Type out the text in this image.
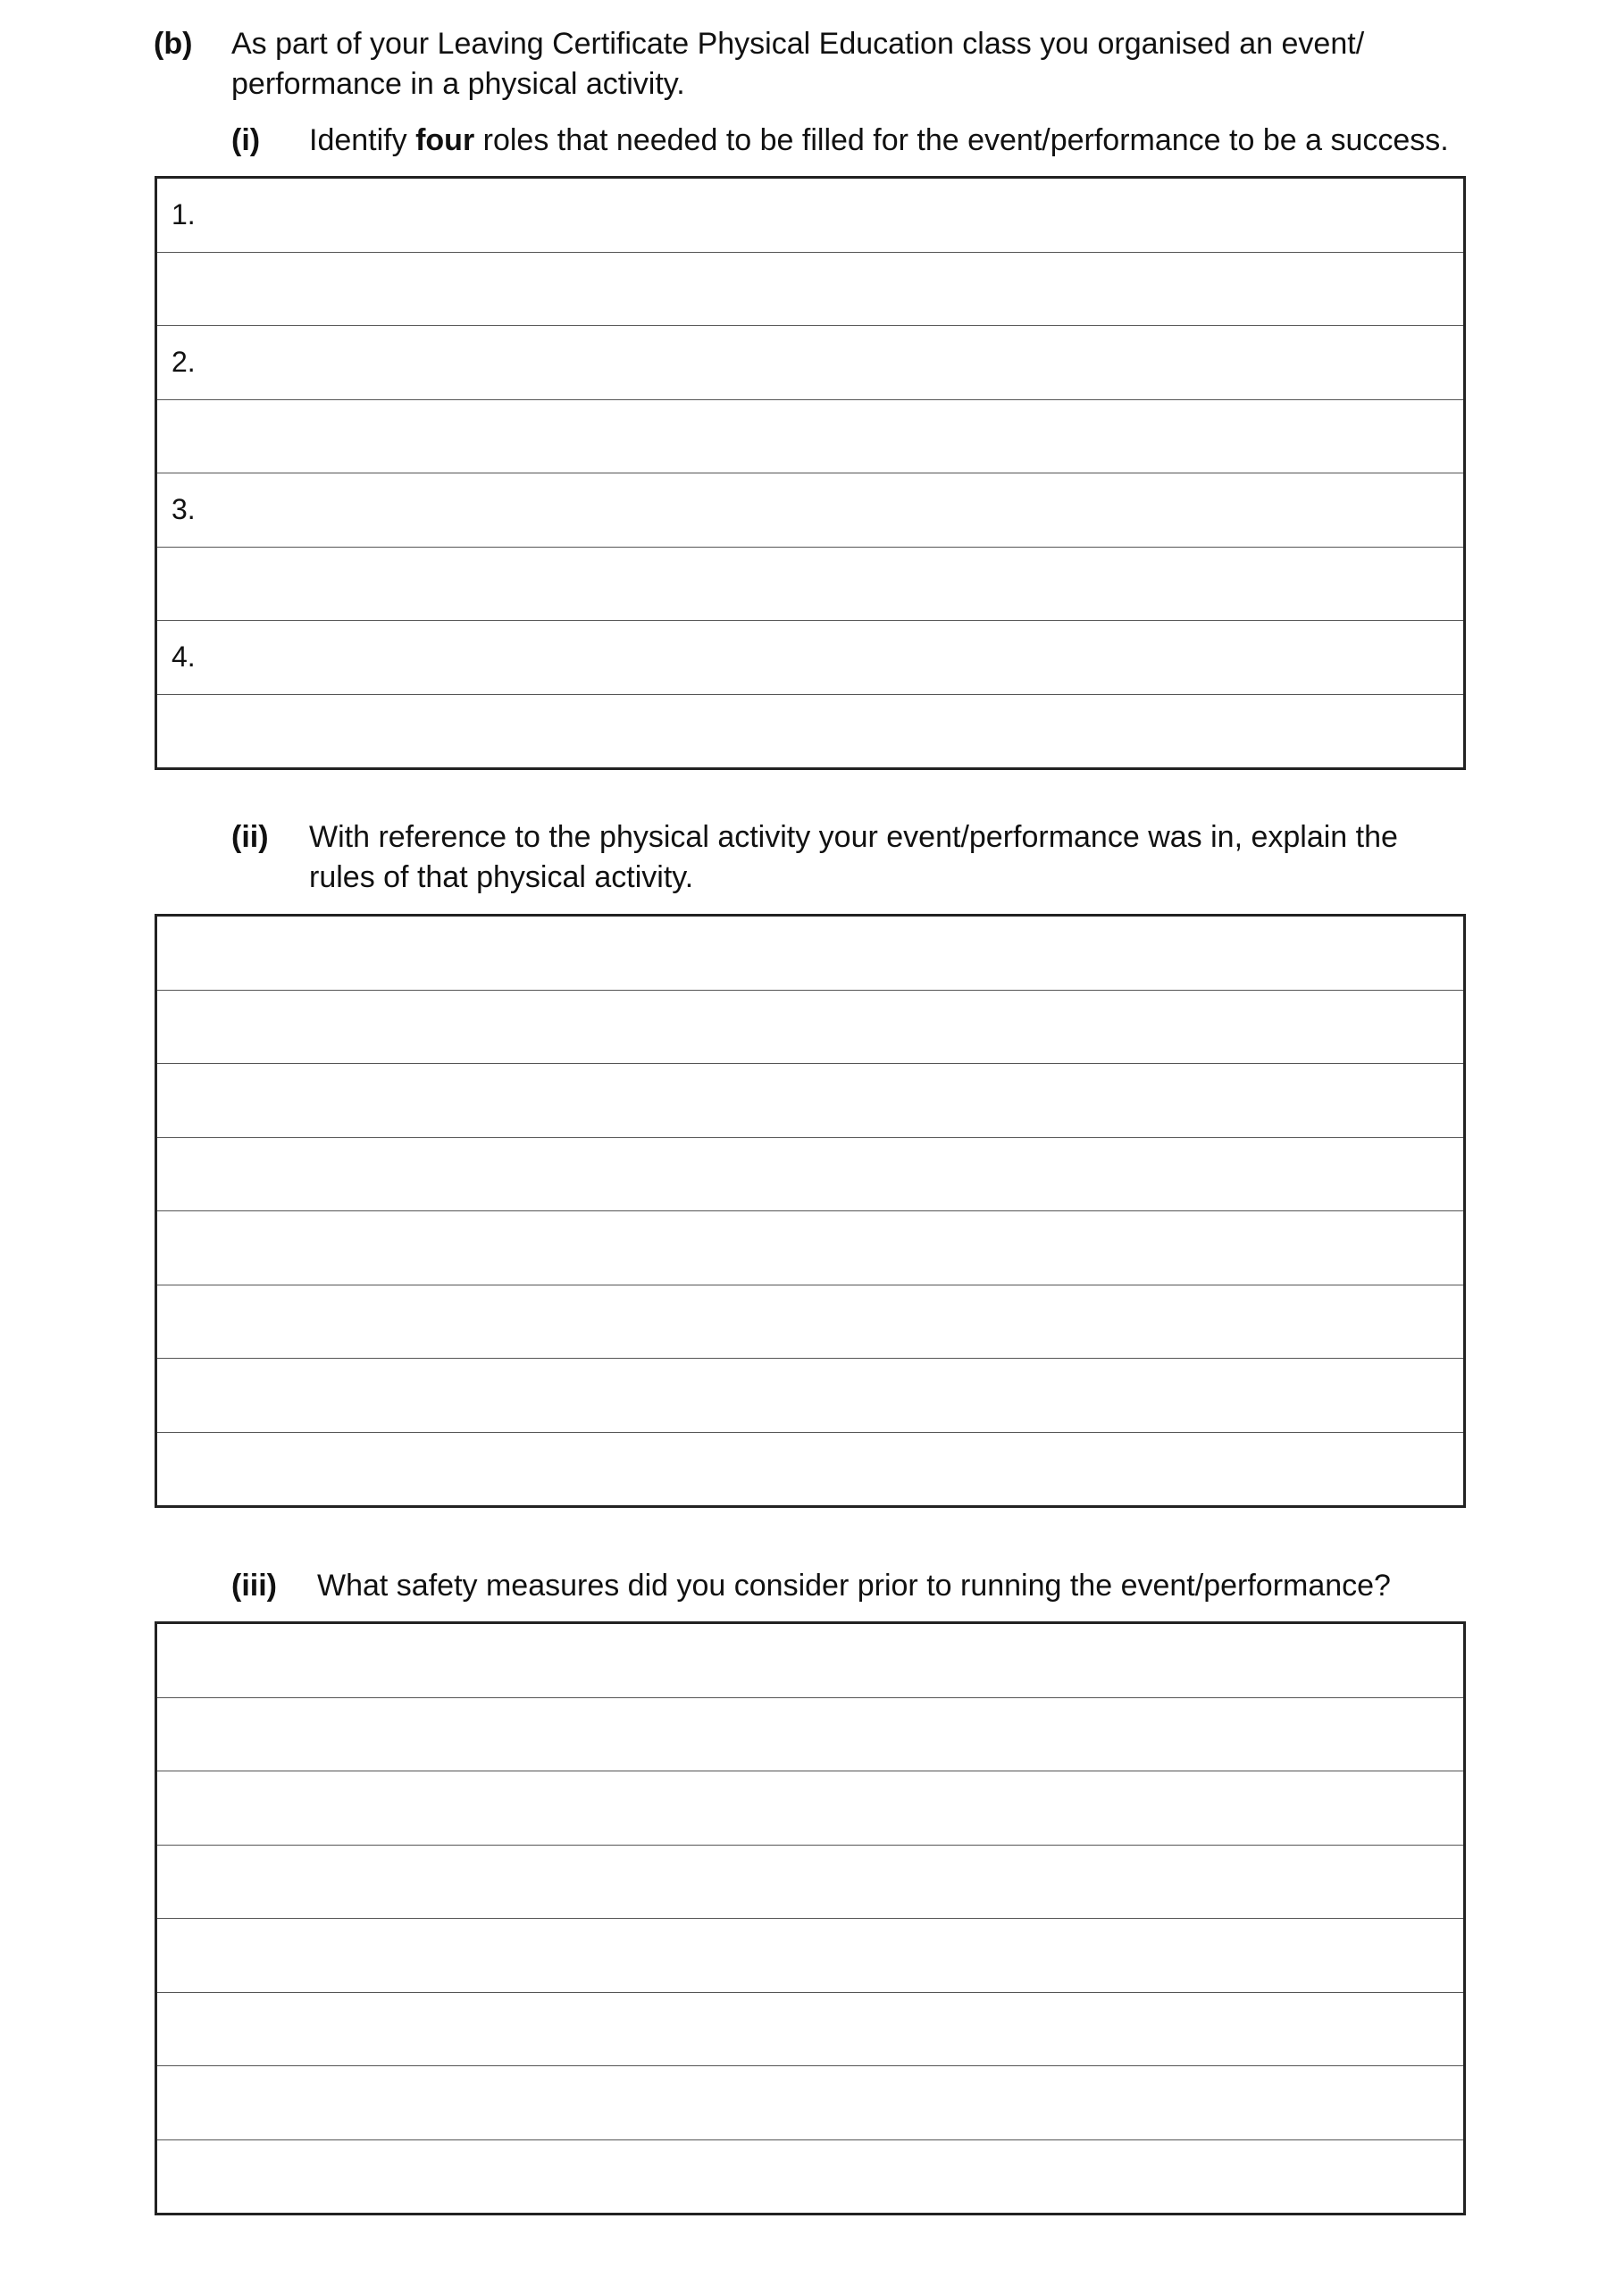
(b) As part of your Leaving Certificate Physical Education class you organised an event/
performance in a physical activity.
(i) Identify four roles that needed to be filled for the event/performance to be a success.
1.
2.
3.
4.
(ii) With reference to the physical activity your event/performance was in, explain the
rules of that physical activity.
(iii) What safety measures did you consider prior to running the event/performance?
